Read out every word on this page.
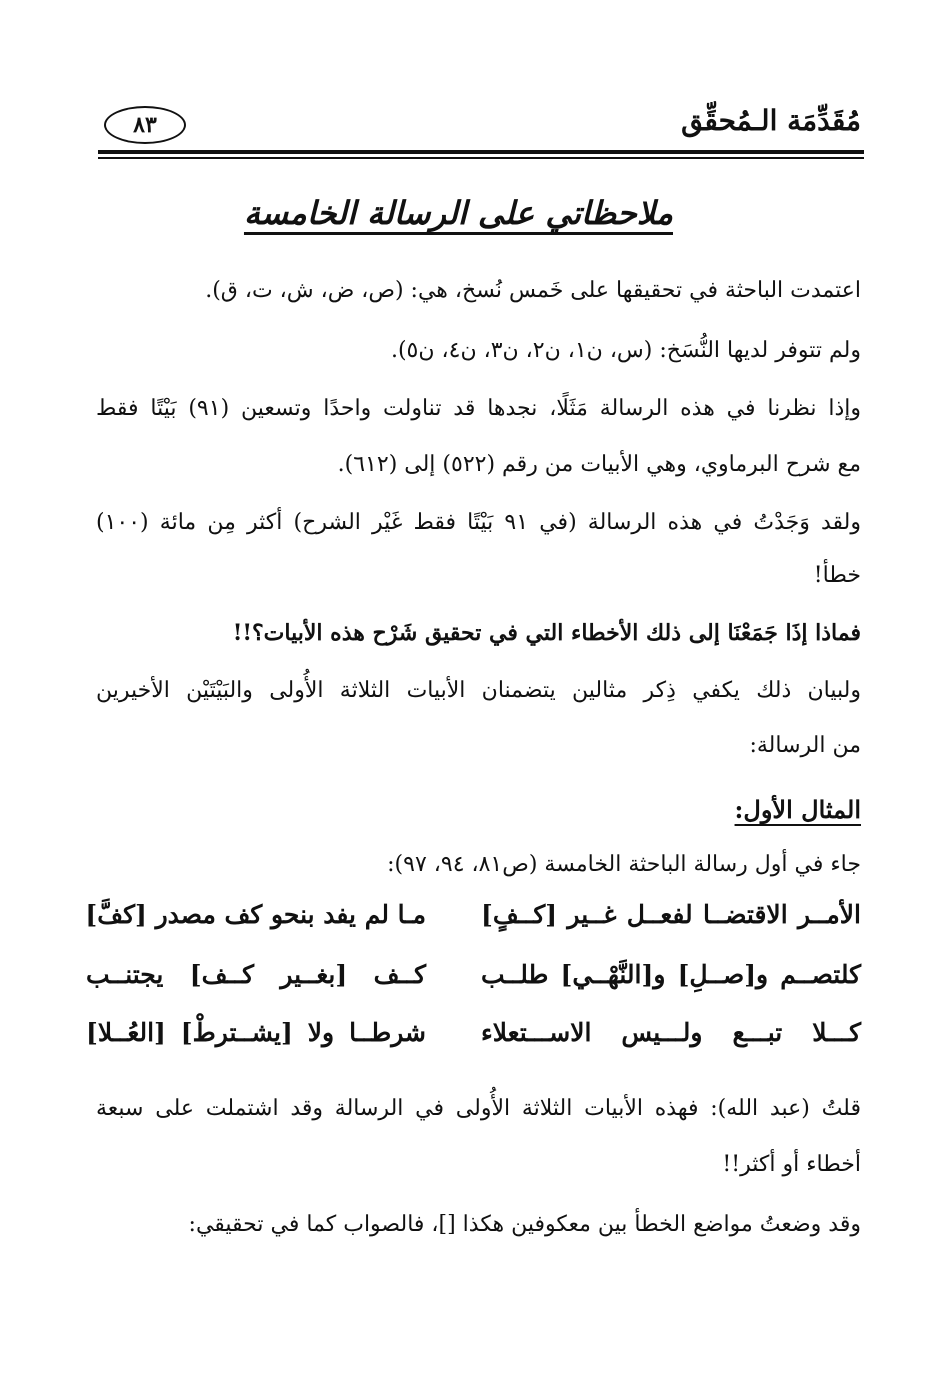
مُقَدِّمَة الـمُحقِّق
٨٣
ملاحظاتي على الرسالة الخامسة
اعتمدت الباحثة في تحقيقها على خَمس نُسخ، هي: (ص، ض، ش، ت، ق).
ولم تتوفر لديها النُّسَخ: (س، ن١، ن٢، ن٣، ن٤، ن٥).
وإذا نظرنا في هذه الرسالة مَثَلًا، نجدها قد تناولت واحدًا وتسعين (٩١) بَيْتًا فقط
مع شرح البرماوي، وهي الأبيات من رقم (٥٢٢) إلى (٦١٢).
ولقد وَجَدْتُ في هذه الرسالة (في ٩١ بَيْتًا فقط غَيْر الشرح) أكثر مِن مائة (١٠٠)
خطأ!
فماذا إذَا جَمَعْنَا إلى ذلك الأخطاء التي في تحقيق شَرْح هذه الأبيات؟!!
ولبيان ذلك يكفي ذِكر مثالين يتضمنان الأبيات الثلاثة الأُولى والبَيْتَيْن الأخيرين
من الرسالة:
المثال الأول:
جاء في أول رسالة الباحثة الخامسة (ص٨١، ٩٤، ٩٧):
الأمــر الاقتضــا لفعــل غــير [كــفٍ]
مـا لم يفد بنحو كف مصدر [كفَّ]
كلتصــم و[صــلِ] و[النَّهْــي] طلــب
كــف [بغــير كــف] يجتنــب
كـــلا تبـــع ولـــيس الاســـتعلاء
شرطــا ولا [يشــترطْ] [العُــلا]
قلتُ (عبد الله): فهذه الأبيات الثلاثة الأُولى في الرسالة وقد اشتملت على سبعة
أخطاء أو أكثر!!
وقد وضعتُ مواضع الخطأ بين معكوفين هكذا []، فالصواب كما في تحقيقي:
